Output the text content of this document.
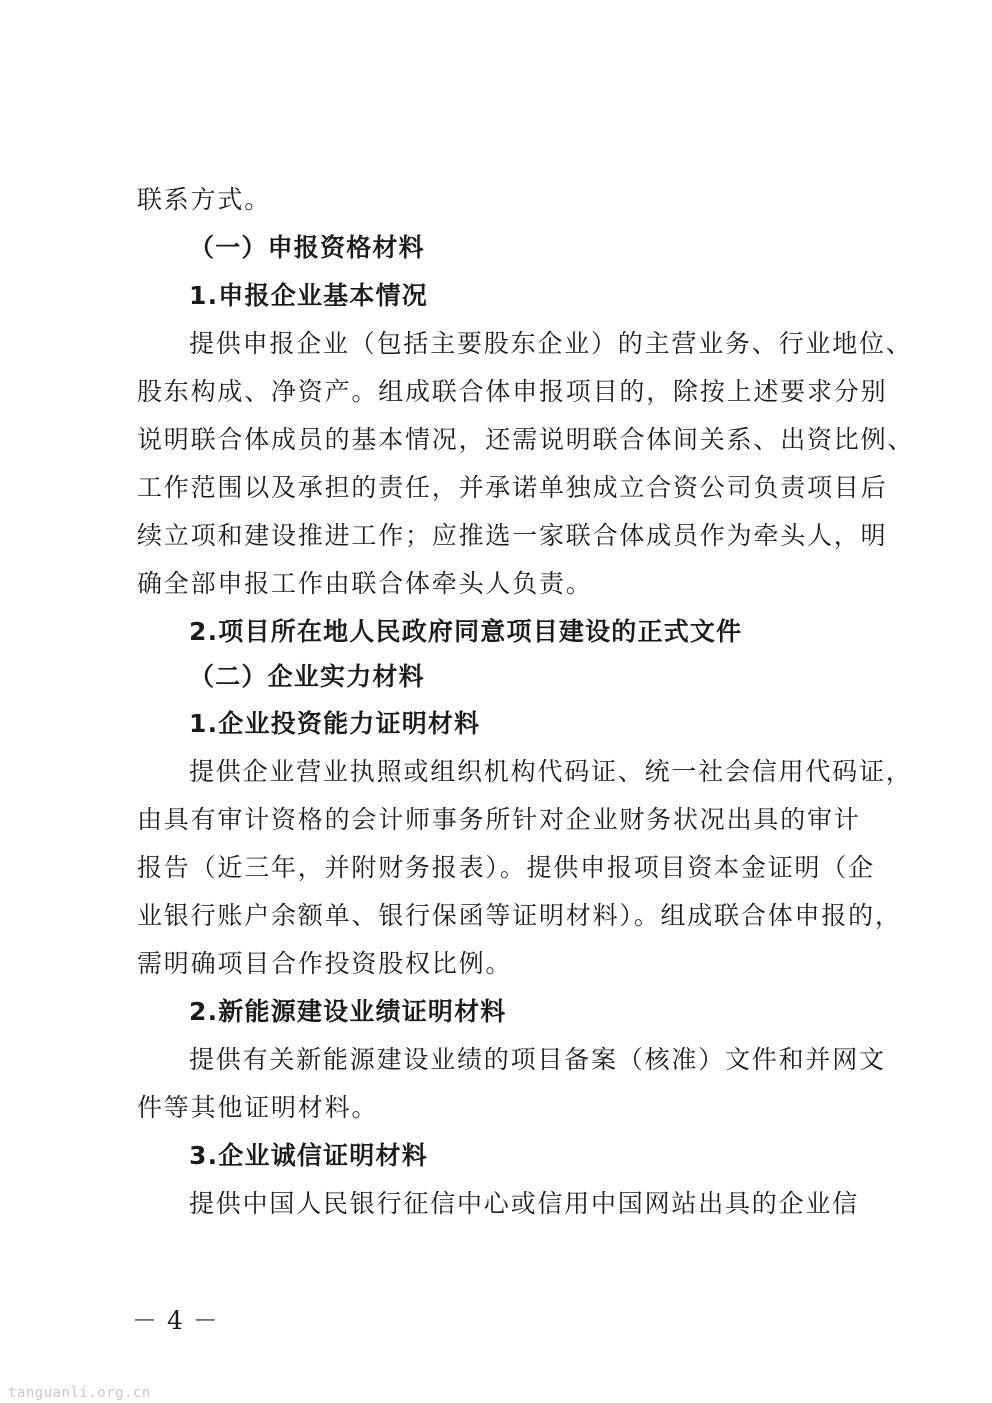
联系方式。
（一）申报资格材料
1.申报企业基本情况
提供申报企业（包括主要股东企业）的主营业务、行业地位、
股东构成、净资产。组成联合体申报项目的，除按上述要求分别
说明联合体成员的基本情况，还需说明联合体间关系、出资比例、
工作范围以及承担的责任，并承诺单独成立合资公司负责项目后
续立项和建设推进工作；应推选一家联合体成员作为牵头人，明
确全部申报工作由联合体牵头人负责。
2.项目所在地人民政府同意项目建设的正式文件
（二）企业实力材料
1.企业投资能力证明材料
提供企业营业执照或组织机构代码证、统一社会信用代码证，
由具有审计资格的会计师事务所针对企业财务状况出具的审计
报告（近三年，并附财务报表）。提供申报项目资本金证明（企
业银行账户余额单、银行保函等证明材料）。组成联合体申报的，
需明确项目合作投资股权比例。
2.新能源建设业绩证明材料
提供有关新能源建设业绩的项目备案（核准）文件和并网文
件等其他证明材料。
3.企业诚信证明材料
提供中国人民银行征信中心或信用中国网站出具的企业信
－ 4 －
tanguanli.org.cn
